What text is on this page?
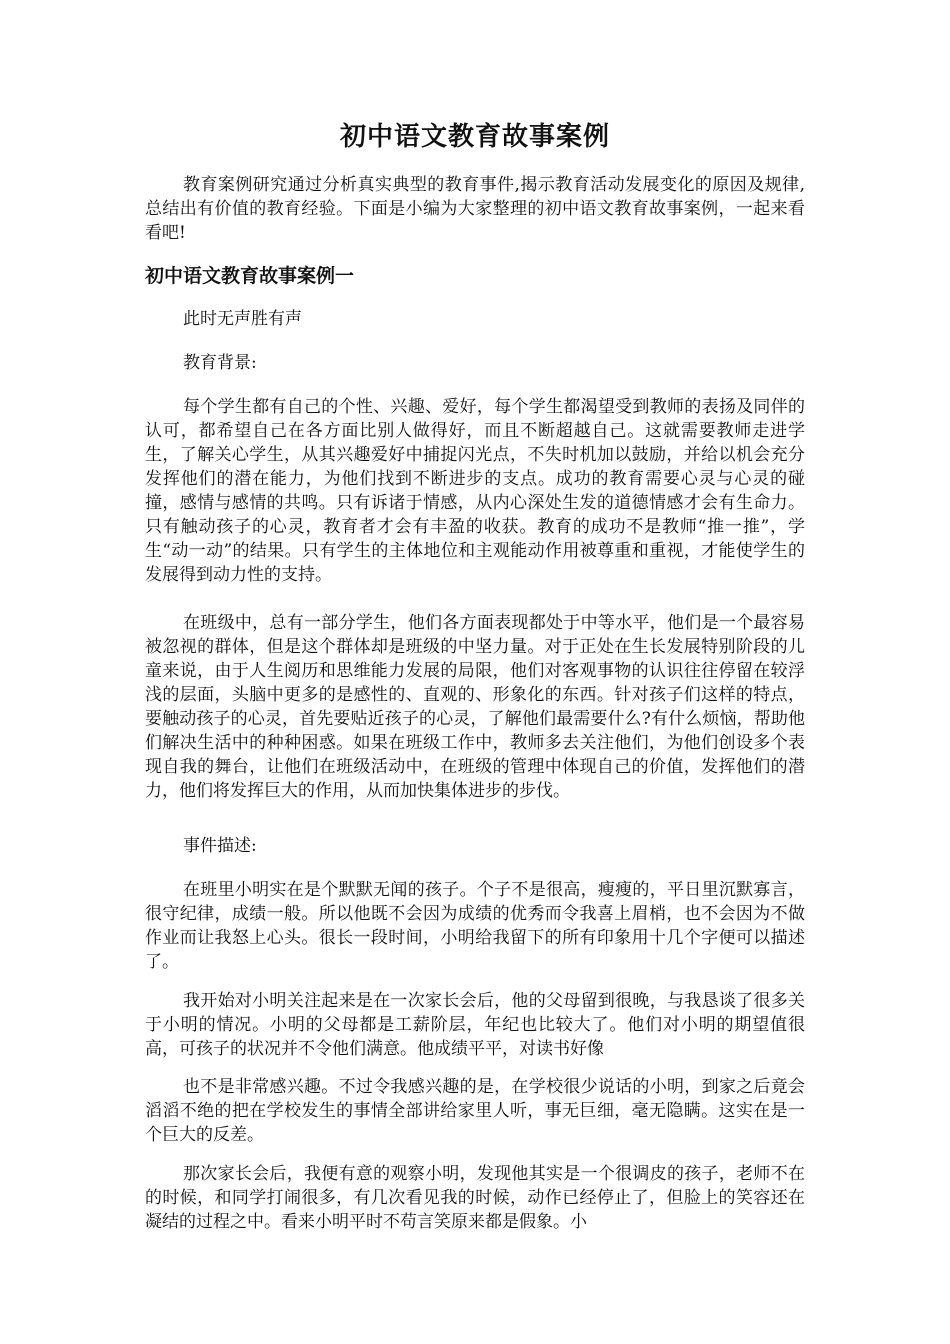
初中语文教育故事案例
教育案例研究通过分析真实典型的教育事件,揭示教育活动发展变化的原因及规律,总结出有价值的教育经验。下面是小编为大家整理的初中语文教育故事案例，一起来看看吧!
初中语文教育故事案例一
此时无声胜有声
教育背景:
每个学生都有自己的个性、兴趣、爱好，每个学生都渴望受到教师的表扬及同伴的认可，都希望自己在各方面比别人做得好，而且不断超越自己。这就需要教师走进学生，了解关心学生，从其兴趣爱好中捕捉闪光点，不失时机加以鼓励，并给以机会充分发挥他们的潜在能力，为他们找到不断进步的支点。成功的教育需要心灵与心灵的碰撞，感情与感情的共鸣。只有诉诸于情感，从内心深处生发的道德情感才会有生命力。只有触动孩子的心灵，教育者才会有丰盈的收获。教育的成功不是教师“推一推”，学生“动一动”的结果。只有学生的主体地位和主观能动作用被尊重和重视，才能使学生的发展得到动力性的支持。
在班级中，总有一部分学生，他们各方面表现都处于中等水平，他们是一个最容易被忽视的群体，但是这个群体却是班级的中坚力量。对于正处在生长发展特别阶段的儿童来说，由于人生阅历和思维能力发展的局限，他们对客观事物的认识往往停留在较浮浅的层面，头脑中更多的是感性的、直观的、形象化的东西。针对孩子们这样的特点，要触动孩子的心灵，首先要贴近孩子的心灵，了解他们最需要什么?有什么烦恼，帮助他们解决生活中的种种困惑。如果在班级工作中，教师多去关注他们，为他们创设多个表现自我的舞台，让他们在班级活动中，在班级的管理中体现自己的价值，发挥他们的潜力，他们将发挥巨大的作用，从而加快集体进步的步伐。
事件描述:
在班里小明实在是个默默无闻的孩子。个子不是很高，瘦瘦的，平日里沉默寡言，很守纪律，成绩一般。所以他既不会因为成绩的优秀而令我喜上眉梢，也不会因为不做作业而让我怒上心头。很长一段时间，小明给我留下的所有印象用十几个字便可以描述了。
我开始对小明关注起来是在一次家长会后，他的父母留到很晚，与我恳谈了很多关于小明的情况。小明的父母都是工薪阶层，年纪也比较大了。他们对小明的期望值很高，可孩子的状况并不令他们满意。他成绩平平，对读书好像
也不是非常感兴趣。不过令我感兴趣的是，在学校很少说话的小明，到家之后竟会滔滔不绝的把在学校发生的事情全部讲给家里人听，事无巨细，毫无隐瞒。这实在是一个巨大的反差。
那次家长会后，我便有意的观察小明，发现他其实是一个很调皮的孩子，老师不在的时候，和同学打闹很多，有几次看见我的时候，动作已经停止了，但脸上的笑容还在凝结的过程之中。看来小明平时不苟言笑原来都是假象。小
